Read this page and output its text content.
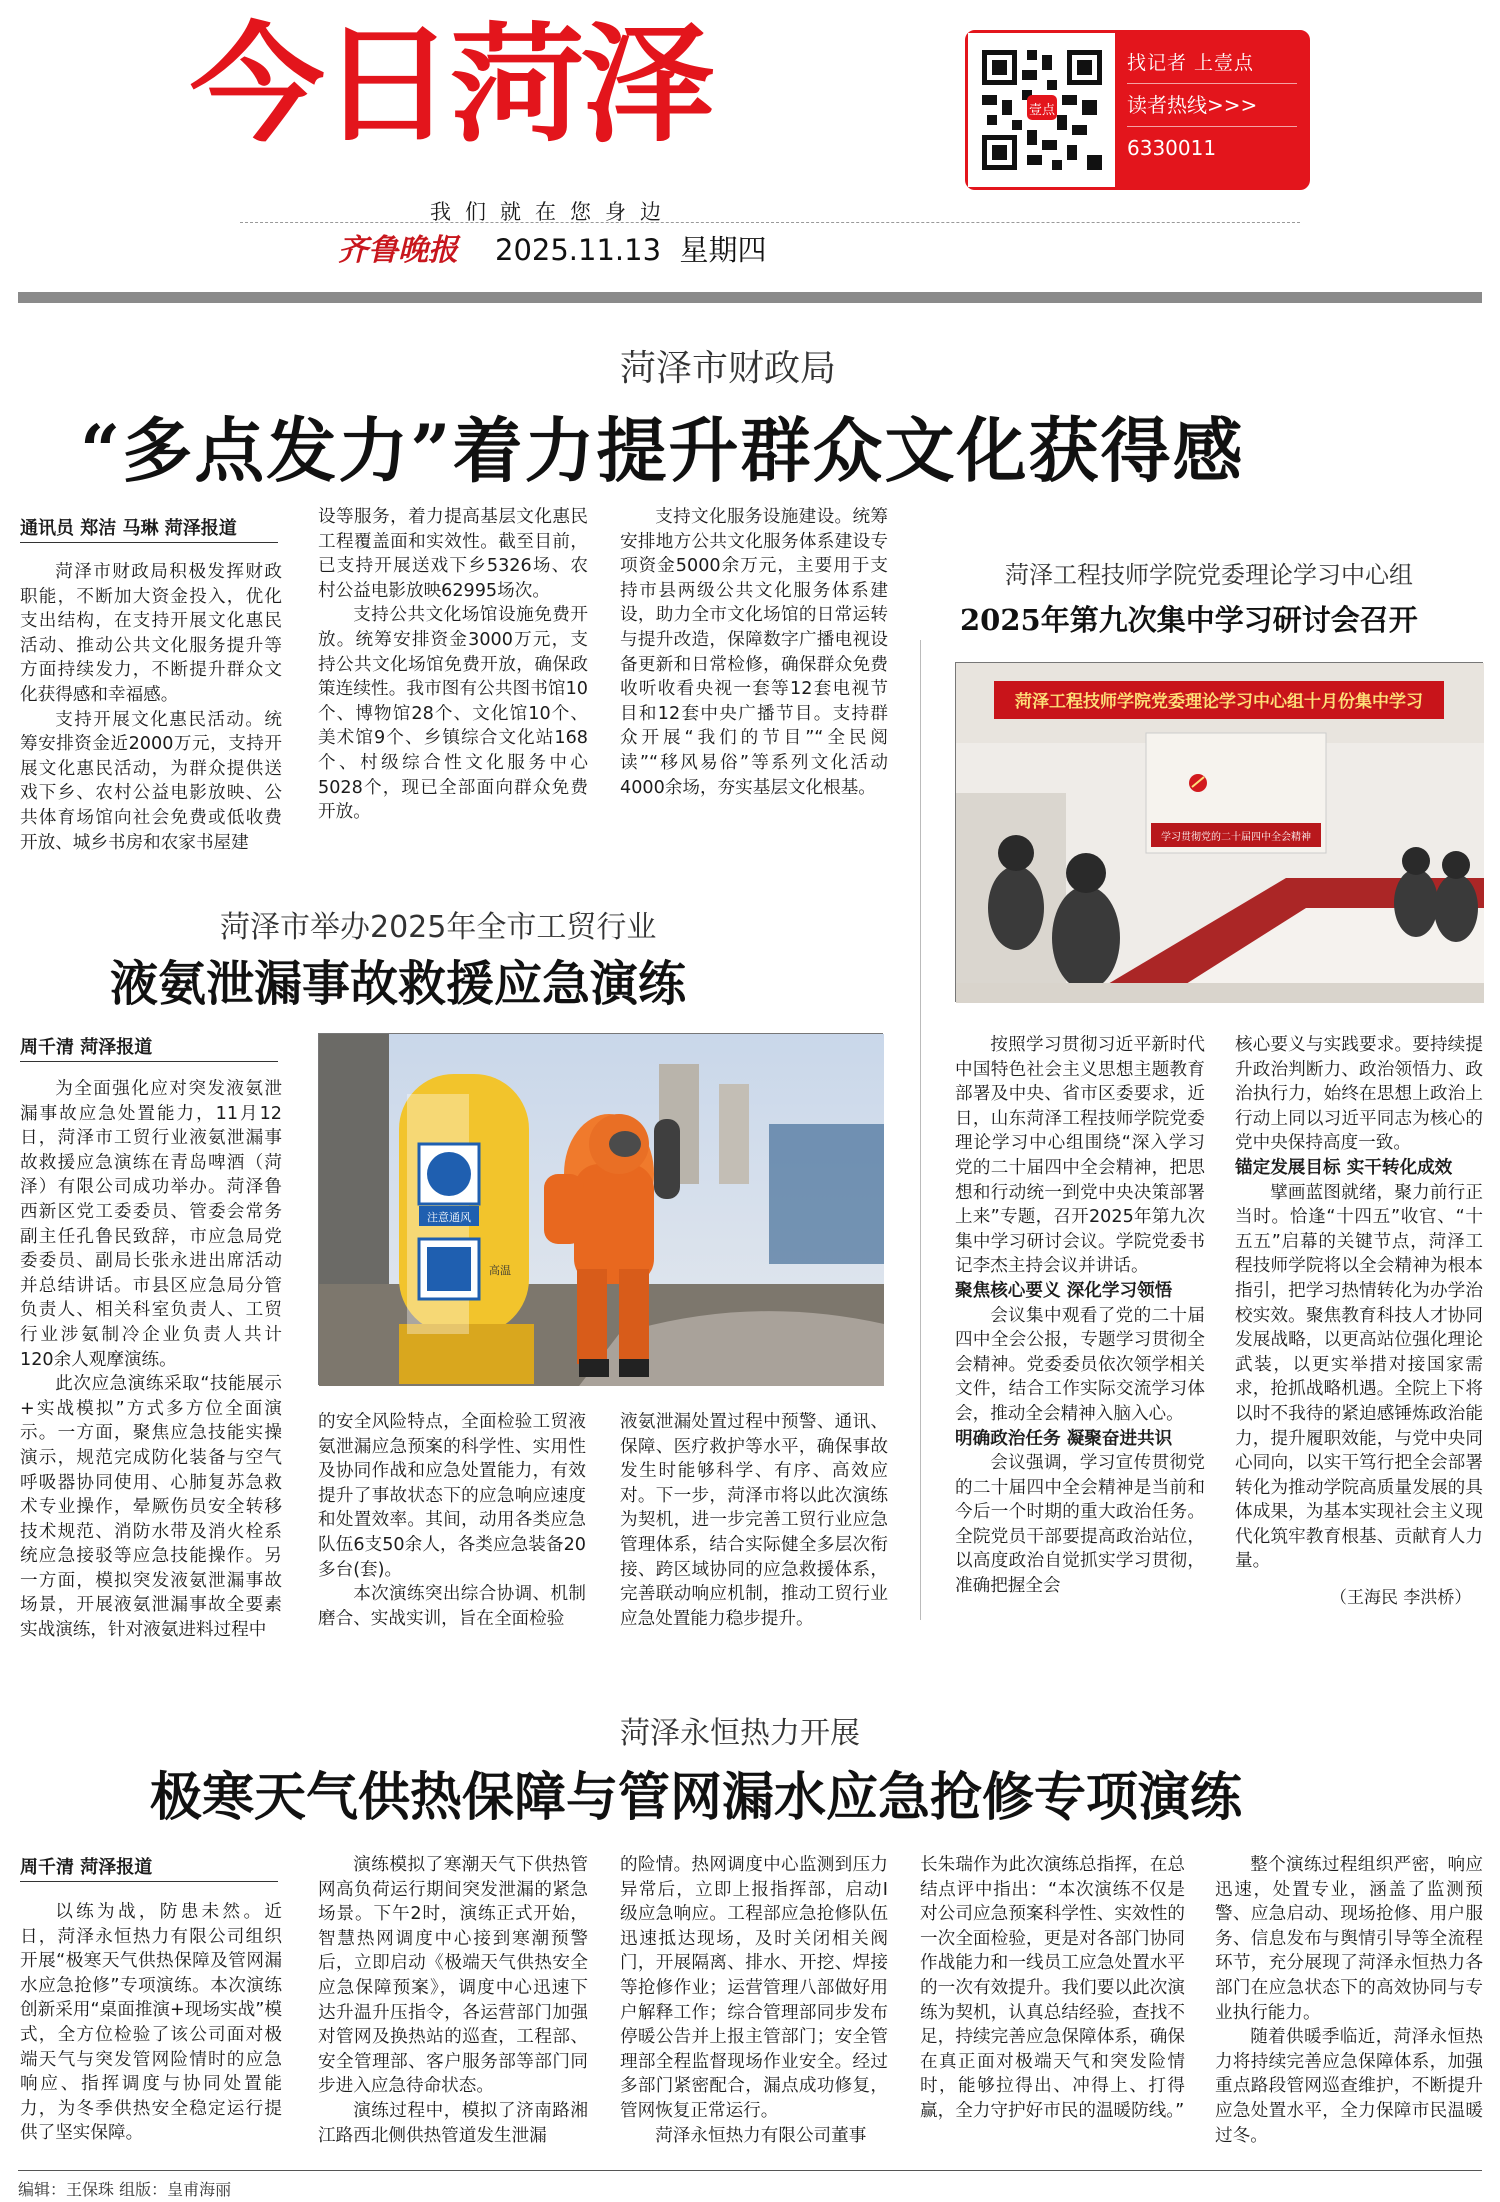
今日菏泽	壹点
找记者 上壹点
读者热线>>>
6330011
我们就在您身边
齐鲁晚报 2025.11.13 星期四
菏泽市财政局
“多点发力”着力提升群众文化获得感
通讯员 郑洁 马琳 菏泽报道

菏泽市财政局积极发挥财政职能，不断加大资金投入，优化支出结构，在支持开展文化惠民活动、推动公共文化服务提升等方面持续发力，不断提升群众文化获得感和幸福感。

支持开展文化惠民活动。统筹安排资金近2000万元，支持开展文化惠民活动，为群众提供送戏下乡、农村公益电影放映、公共体育场馆向社会免费或低收费开放、城乡书房和农家书屋建

设等服务，着力提高基层文化惠民工程覆盖面和实效性。截至目前，已支持开展送戏下乡5326场、农村公益电影放映62995场次。

支持公共文化场馆设施免费开放。统筹安排资金3000万元，支持公共文化场馆免费开放，确保政策连续性。我市图有公共图书馆10个、博物馆28个、文化馆10个、美术馆9个、乡镇综合文化站168个、村级综合性文化服务中心5028个，现已全部面向群众免费开放。

支持文化服务设施建设。统筹安排地方公共文化服务体系建设专项资金5000余万元，主要用于支持市县两级公共文化服务体系建设，助力全市文化场馆的日常运转与提升改造，保障数字广播电视设备更新和日常检修，确保群众免费收听收看央视一套等12套电视节目和12套中央广播节目。支持群众开展“我们的节目”“全民阅读”“移风易俗”等系列文化活动4000余场，夯实基层文化根基。

菏泽工程技师学院党委理论学习中心组
2025年第九次集中学习研讨会召开
菏泽工程技师学院党委理论学习中心组十月份集中学习
学习贯彻党的二十届四中全会精神

按照学习贯彻习近平新时代中国特色社会主义思想主题教育部署及中央、省市区委要求，近日，山东菏泽工程技师学院党委理论学习中心组围绕“深入学习党的二十届四中全会精神，把思想和行动统一到党中央决策部署上来”专题，召开2025年第九次集中学习研讨会议。学院党委书记李杰主持会议并讲话。

聚焦核心要义 深化学习领悟

会议集中观看了党的二十届四中全会公报，专题学习贯彻全会精神。党委委员依次领学相关文件，结合工作实际交流学习体会，推动全会精神入脑入心。

明确政治任务 凝聚奋进共识

会议强调，学习宣传贯彻党的二十届四中全会精神是当前和今后一个时期的重大政治任务。全院党员干部要提高政治站位，以高度政治自觉抓实学习贯彻，准确把握全会

核心要义与实践要求。要持续提升政治判断力、政治领悟力、政治执行力，始终在思想上政治上行动上同以习近平同志为核心的党中央保持高度一致。

锚定发展目标 实干转化成效

擘画蓝图就绪，聚力前行正当时。恰逢“十四五”收官、“十五五”启幕的关键节点，菏泽工程技师学院将以全会精神为根本指引，把学习热情转化为办学治校实效。聚焦教育科技人才协同发展战略，以更高站位强化理论武装，以更实举措对接国家需求，抢抓战略机遇。全院上下将以时不我待的紧迫感锤炼政治能力，提升履职效能，与党中央同心同向，以实干笃行把全会部署转化为推动学院高质量发展的具体成果，为基本实现社会主义现代化筑牢教育根基、贡献育人力量。

（王海民 李洪桥）
菏泽市举办2025年全市工贸行业
液氨泄漏事故救援应急演练
周千清 菏泽报道
注意通风
高温

为全面强化应对突发液氨泄漏事故应急处置能力，11月12日，菏泽市工贸行业液氨泄漏事故救援应急演练在青岛啤酒（菏泽）有限公司成功举办。菏泽鲁西新区党工委委员、管委会常务副主任孔鲁民致辞，市应急局党委委员、副局长张永进出席活动并总结讲话。市县区应急局分管负责人、相关科室负责人、工贸行业涉氨制冷企业负责人共计120余人观摩演练。

此次应急演练采取“技能展示+实战模拟”方式多方位全面演示。一方面，聚焦应急技能实操演示，规范完成防化装备与空气呼吸器协同使用、心肺复苏急救术专业操作，晕厥伤员安全转移技术规范、消防水带及消火栓系统应急接驳等应急技能操作。另一方面，模拟突发液氨泄漏事故场景，开展液氨泄漏事故全要素实战演练，针对液氨进料过程中

的安全风险特点，全面检验工贸液氨泄漏应急预案的科学性、实用性及协同作战和应急处置能力，有效提升了事故状态下的应急响应速度和处置效率。其间，动用各类应急队伍6支50余人，各类应急装备20多台(套)。

本次演练突出综合协调、机制磨合、实战实训，旨在全面检验

液氨泄漏处置过程中预警、通讯、保障、医疗救护等水平，确保事故发生时能够科学、有序、高效应对。下一步，菏泽市将以此次演练为契机，进一步完善工贸行业应急管理体系，结合实际健全多层次衔接、跨区域协同的应急救援体系，完善联动响应机制，推动工贸行业应急处置能力稳步提升。

菏泽永恒热力开展
极寒天气供热保障与管网漏水应急抢修专项演练
周千清 菏泽报道

以练为战，防患未然。近日，菏泽永恒热力有限公司组织开展“极寒天气供热保障及管网漏水应急抢修”专项演练。本次演练创新采用“桌面推演+现场实战”模式，全方位检验了该公司面对极端天气与突发管网险情时的应急响应、指挥调度与协同处置能力，为冬季供热安全稳定运行提供了坚实保障。

演练模拟了寒潮天气下供热管网高负荷运行期间突发泄漏的紧急场景。下午2时，演练正式开始，智慧热网调度中心接到寒潮预警后，立即启动《极端天气供热安全应急保障预案》，调度中心迅速下达升温升压指令，各运营部门加强对管网及换热站的巡查，工程部、安全管理部、客户服务部等部门同步进入应急待命状态。

演练过程中，模拟了济南路湘江路西北侧供热管道发生泄漏

的险情。热网调度中心监测到压力异常后，立即上报指挥部，启动I级应急响应。工程部应急抢修队伍迅速抵达现场，及时关闭相关阀门，开展隔离、排水、开挖、焊接等抢修作业；运营管理八部做好用户解释工作；综合管理部同步发布停暖公告并上报主管部门；安全管理部全程监督现场作业安全。经过多部门紧密配合，漏点成功修复，管网恢复正常运行。

菏泽永恒热力有限公司董事

长朱瑞作为此次演练总指挥，在总结点评中指出：“本次演练不仅是对公司应急预案科学性、实效性的一次全面检验，更是对各部门协同作战能力和一线员工应急处置水平的一次有效提升。我们要以此次演练为契机，认真总结经验，查找不足，持续完善应急保障体系，确保在真正面对极端天气和突发险情时，能够拉得出、冲得上、打得赢，全力守护好市民的温暖防线。”

整个演练过程组织严密，响应迅速，处置专业，涵盖了监测预警、应急启动、现场抢修、用户服务、信息发布与舆情引导等全流程环节，充分展现了菏泽永恒热力各部门在应急状态下的高效协同与专业执行能力。

随着供暖季临近，菏泽永恒热力将持续完善应急保障体系，加强重点路段管网巡查维护，不断提升应急处置水平，全力保障市民温暖过冬。

编辑：王保珠 组版：皇甫海丽
